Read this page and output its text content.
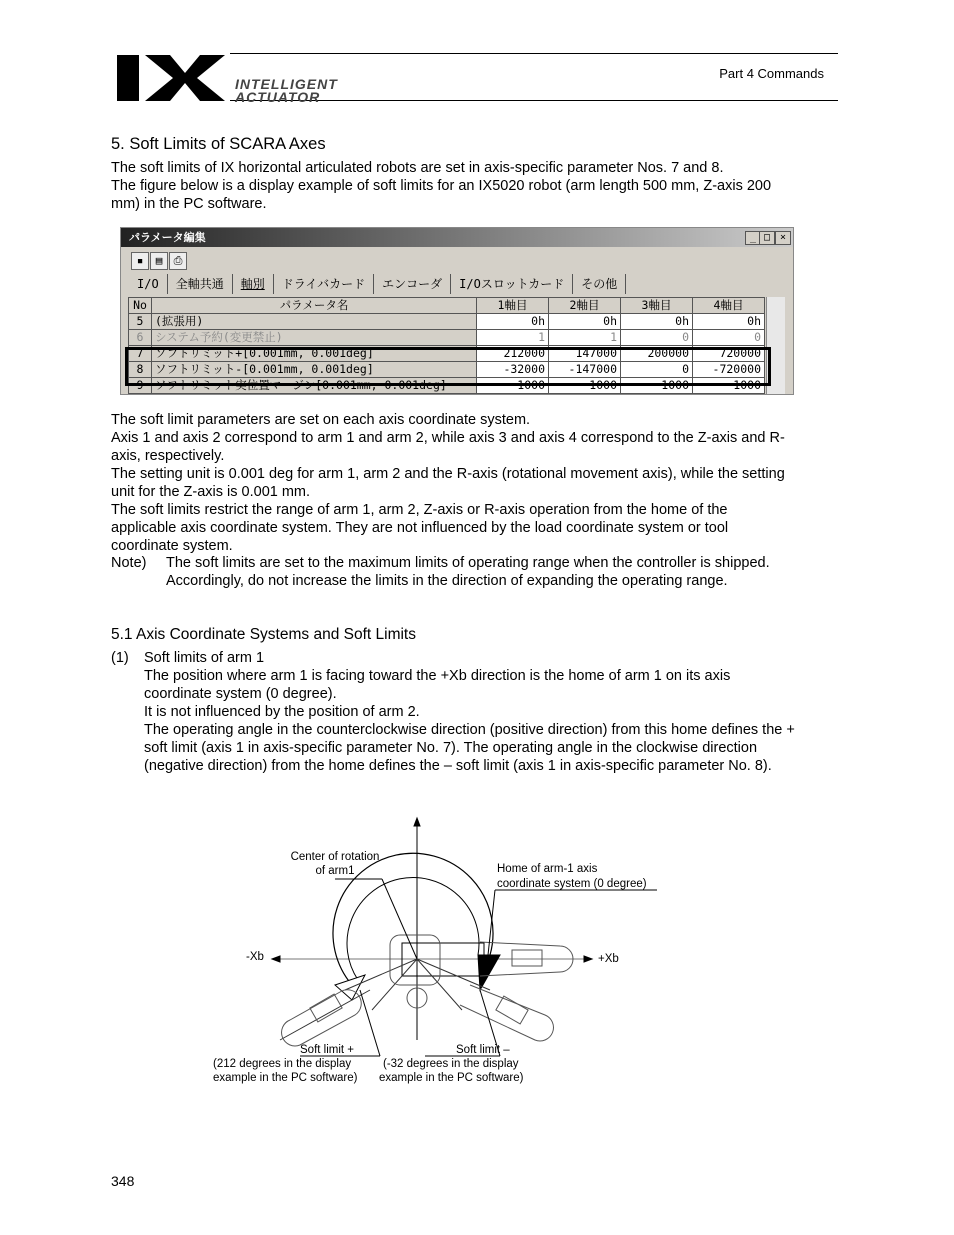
INTELLIGENT
ACTUATOR
Part 4 Commands
5. Soft Limits of SCARA Axes
The soft limits of IX horizontal articulated robots are set in axis-specific parameter Nos. 7 and 8.
The figure below is a display example of soft limits for an IX5020 robot (arm length 500 mm, Z-axis 200
mm) in the PC software.
パラメータ編集	_ □ ×
▪	▤	⎙
I/O	全軸共通	軸別	ドライバカード	エンコーダ	I/Oスロットカード	その他
No	パラメータ名	1軸目	2軸目	3軸目	4軸目
5	(拡張用)	0h	0h	0h	0h
6	システム予約(変更禁止)	1	1	0	0
7	ソフトリミット+[0.001mm, 0.001deg]	212000	147000	200000	720000
8	ソフトリミット-[0.001mm, 0.001deg]	-32000	-147000	0	-720000
9	ソフトリミット実位置マージン[0.001mm, 0.001deg]	1000	1000	1000	1000
The soft limit parameters are set on each axis coordinate system.
Axis 1 and axis 2 correspond to arm 1 and arm 2, while axis 3 and axis 4 correspond to the Z-axis and R-
axis, respectively.
The setting unit is 0.001 deg for arm 1, arm 2 and the R-axis (rotational movement axis), while the setting
unit for the Z-axis is 0.001 mm.
The soft limits restrict the range of arm 1, arm 2, Z-axis or R-axis operation from the home of the
applicable axis coordinate system. They are not influenced by the load coordinate system or tool
coordinate system.
Note) The soft limits are set to the maximum limits of operating range when the controller is shipped.
Accordingly, do not increase the limits in the direction of expanding the operating range.
5.1 Axis Coordinate Systems and Soft Limits
(1) Soft limits of arm 1
The position where arm 1 is facing toward the +Xb direction is the home of arm 1 on its axis
coordinate system (0 degree).
It is not influenced by the position of arm 2.
The operating angle in the counterclockwise direction (positive direction) from this home defines the +
soft limit (axis 1 in axis-specific parameter No. 7). The operating angle in the clockwise direction
(negative direction) from the home defines the – soft limit (axis 1 in axis-specific parameter No. 8).
Center of rotation
of arm1	Home of arm-1 axis
coordinate system (0 degree)
-Xb	+Xb
Soft limit +
(212 degrees in the display
example in the PC software)
Soft limit –
(-32 degrees in the display
example in the PC software)
348
